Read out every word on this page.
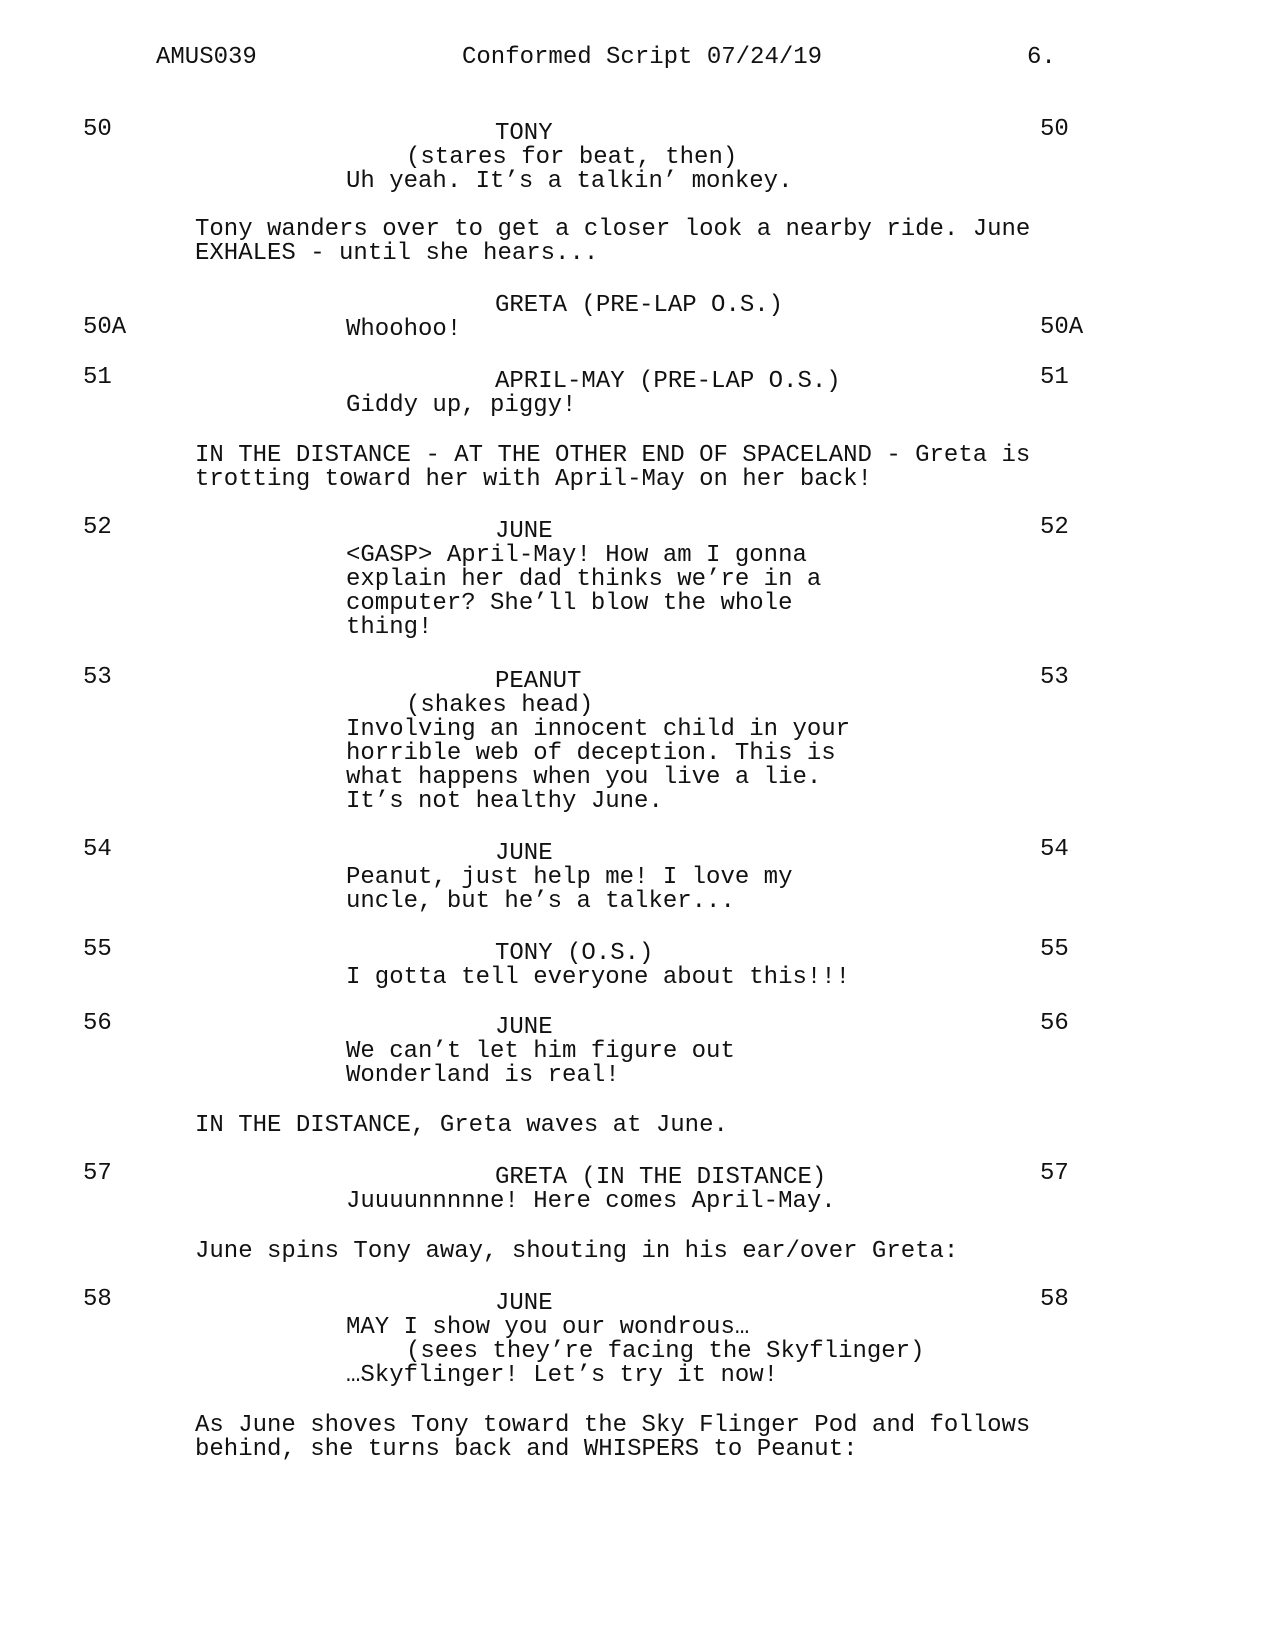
AMUS039	Conformed Script 07/24/19	6.
50	50
TONY
(stares for beat, then)
Uh yeah. It’s a talkin’ monkey.
Tony wanders over to get a closer look a nearby ride. June
EXHALES - until she hears...
GRETA (PRE-LAP O.S.)
50A	50A
Whoohoo!
51	51
APRIL-MAY (PRE-LAP O.S.)
Giddy up, piggy!
IN THE DISTANCE - AT THE OTHER END OF SPACELAND - Greta is
trotting toward her with April-May on her back!
52	52
JUNE
<GASP> April-May! How am I gonna
explain her dad thinks we’re in a
computer? She’ll blow the whole
thing!
53	53
PEANUT
(shakes head)
Involving an innocent child in your
horrible web of deception. This is
what happens when you live a lie.
It’s not healthy June.
54	54
JUNE
Peanut, just help me! I love my
uncle, but he’s a talker...
55	55
TONY (O.S.)
I gotta tell everyone about this!!!
56	56
JUNE
We can’t let him figure out
Wonderland is real!
IN THE DISTANCE, Greta waves at June.
57	57
GRETA (IN THE DISTANCE)
Juuuunnnnne! Here comes April-May.
June spins Tony away, shouting in his ear/over Greta:
58	58
JUNE
MAY I show you our wondrous…
(sees they’re facing the Skyflinger)
…Skyflinger! Let’s try it now!
As June shoves Tony toward the Sky Flinger Pod and follows
behind, she turns back and WHISPERS to Peanut:
